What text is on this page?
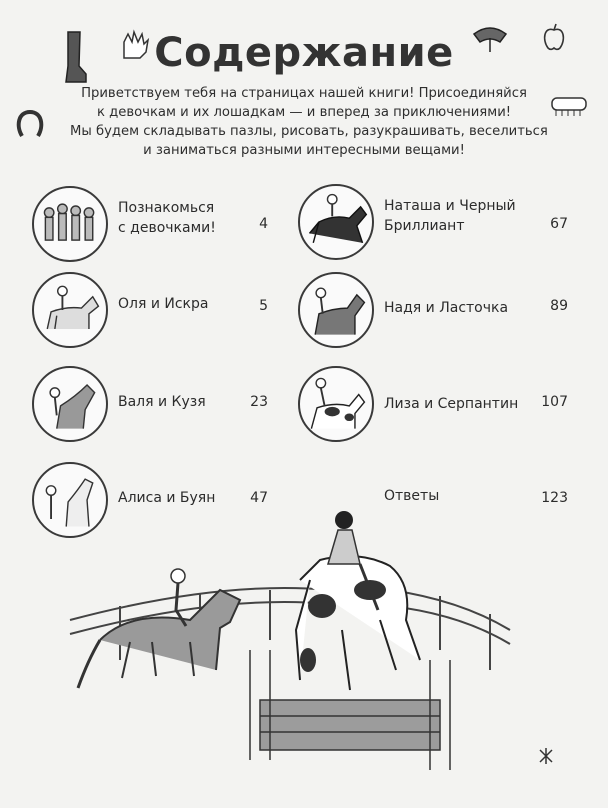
Содержание
Приветствуем тебя на страницах нашей книги! Присоединяйся
к девочкам и их лошадкам — и вперед за приключениями!
Мы будем складывать пазлы, рисовать, разукрашивать, веселиться
и заниматься разными интересными вещами!
Познакомься
с девочками!	4
Оля и Искра	5
Валя и Кузя	23
Алиса и Буян	47
Наташа и Черный
Бриллиант	67
Надя и Ласточка	89
Лиза и Серпантин	107
Ответы	123
